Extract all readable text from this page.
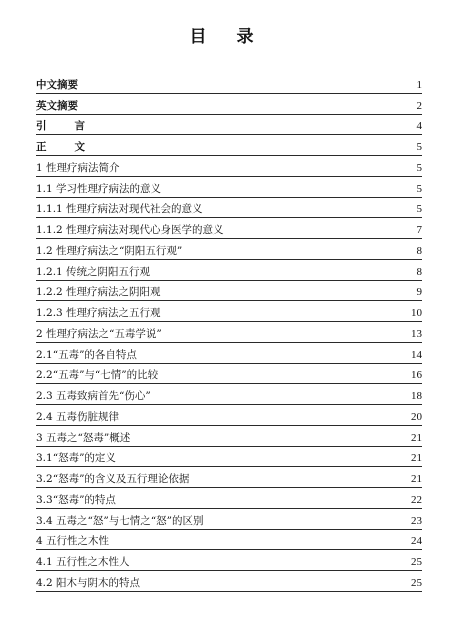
目 录
中文摘要	1
英文摘要	2
引言	4
正文	5
1 性理疗病法简介	5
1.1 学习性理疗病法的意义	5
1.1.1 性理疗病法对现代社会的意义	5
1.1.2 性理疗病法对现代心身医学的意义	7
1.2 性理疗病法之“阴阳五行观”	8
1.2.1 传统之阴阳五行观	8
1.2.2 性理疗病法之阴阳观	9
1.2.3 性理疗病法之五行观	10
2 性理疗病法之“五毒学说”	13
2.1“五毒”的各自特点	14
2.2“五毒”与“七情”的比较	16
2.3 五毒致病首先“伤心”	18
2.4 五毒伤脏规律	20
3 五毒之“怒毒”概述	21
3.1“怒毒”的定义	21
3.2“怒毒”的含义及五行理论依据	21
3.3“怒毒”的特点	22
3.4 五毒之“怒”与七情之“怒”的区别	23
4 五行性之木性	24
4.1 五行性之木性人	25
4.2 阳木与阴木的特点	25
